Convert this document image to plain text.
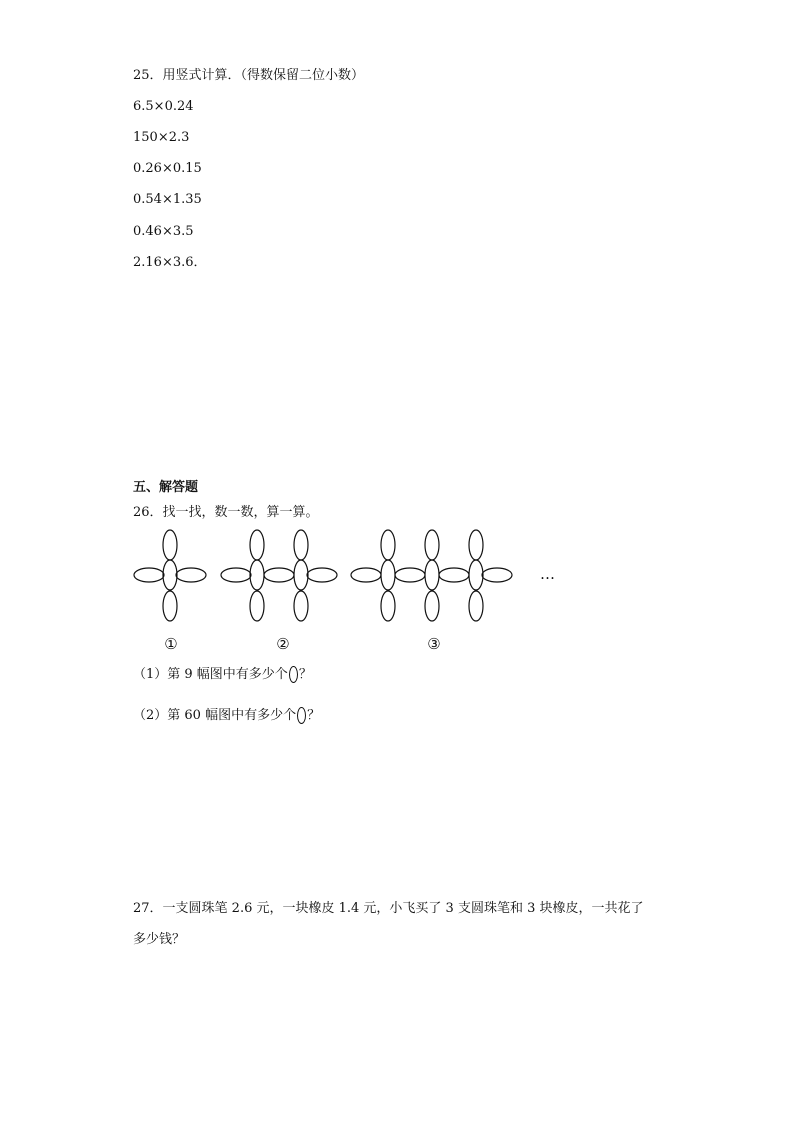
25．用竖式计算．（得数保留二位小数）
6.5×0.24
150×2.3
0.26×0.15
0.54×1.35
0.46×3.5
2.16×3.6．
五、解答题
26．找一找，数一数，算一算。
…
①	②	③
（1）第 9 幅图中有多少个 ？
（2）第 60 幅图中有多少个 ？
27．一支圆珠笔 2.6 元，一块橡皮 1.4 元，小飞买了 3 支圆珠笔和 3 块橡皮，一共花了
多少钱？
